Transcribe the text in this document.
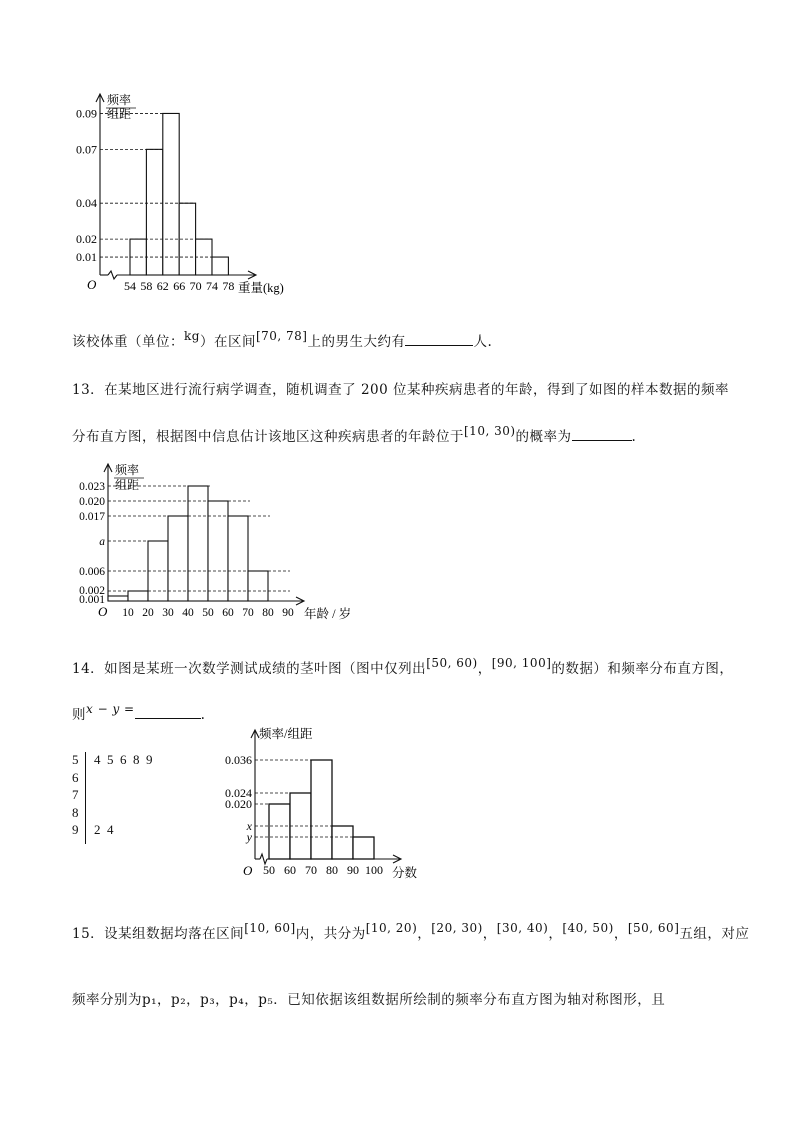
0.09
0.07
0.04
0.02
0.01
54 58 62 66 70 74 78
频率
组距
O	重量(kg)
该校体重（单位：kg）在区间[70, 78]上的男生大约有	人.
13．在某地区进行流行病学调查，随机调查了 200 位某种疾病患者的年龄，得到了如图的样本数据的频率
分布直方图，根据图中信息估计该地区这种疾病患者的年龄位于[10, 30)的概率为	.
0.023
0.020
0.017
a
0.006
0.002
0.001
10 20 30 40 50 60 70 80 90
频率
组距
O	年龄 / 岁
14．如图是某班一次数学测试成绩的茎叶图（图中仅列出[50, 60)，[90, 100]的数据）和频率分布直方图，
则x − y =	.
5 4  5  6  8  9
6
7
8
9 2  4
0.036
0.024
0.020
x
y
50 60 70 80 90 100
频率/组距
O	分数
15．设某组数据均落在区间[10, 60]内，共分为[10, 20)，[20, 30)，[30, 40)，[40, 50)，[50, 60]五组，对应
频率分别为p₁，p₂，p₃，p₄，p₅．已知依据该组数据所绘制的频率分布直方图为轴对称图形，且
